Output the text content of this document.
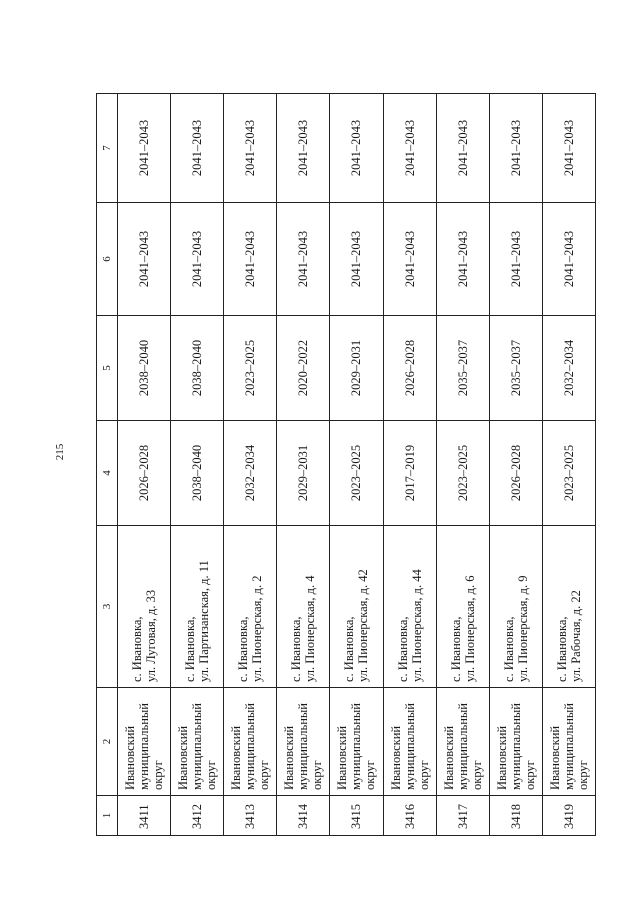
215
1	2	3	4	5	6	7
3411	Ивановский муниципальный округ	с. Ивановка, ул. Луговая, д. 33	2026–2028	2038–2040	2041–2043	2041–2043
3412	Ивановский муниципальный округ	с. Ивановка, ул. Партизанская, д. 11	2038–2040	2038–2040	2041–2043	2041–2043
3413	Ивановский муниципальный округ	с. Ивановка, ул. Пионерская, д. 2	2032–2034	2023–2025	2041–2043	2041–2043
3414	Ивановский муниципальный округ	с. Ивановка, ул. Пионерская, д. 4	2029–2031	2020–2022	2041–2043	2041–2043
3415	Ивановский муниципальный округ	с. Ивановка, ул. Пионерская, д. 42	2023–2025	2029–2031	2041–2043	2041–2043
3416	Ивановский муниципальный округ	с. Ивановка, ул. Пионерская, д. 44	2017–2019	2026–2028	2041–2043	2041–2043
3417	Ивановский муниципальный округ	с. Ивановка, ул. Пионерская, д. 6	2023–2025	2035–2037	2041–2043	2041–2043
3418	Ивановский муниципальный округ	с. Ивановка, ул. Пионерская, д. 9	2026–2028	2035–2037	2041–2043	2041–2043
3419	Ивановский муниципальный округ	с. Ивановка, ул. Рабочая, д. 22	2023–2025	2032–2034	2041–2043	2041–2043
